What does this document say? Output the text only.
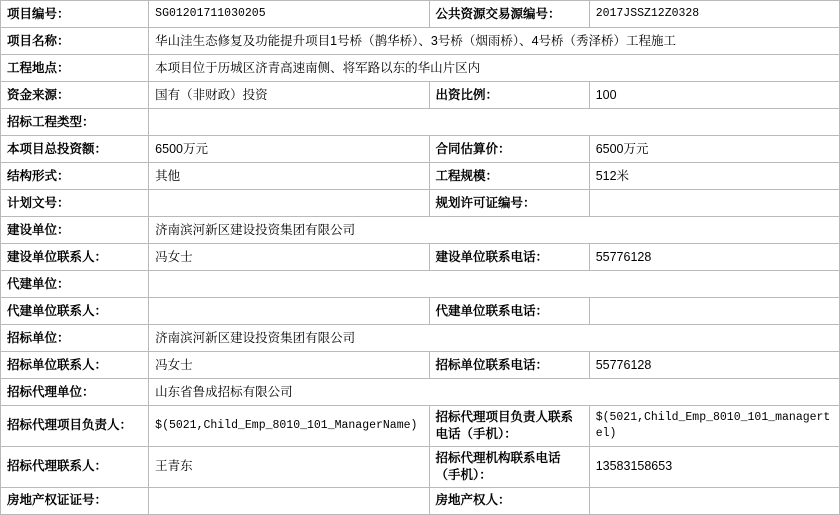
项目编号：	SG01201711030205	公共资源交易源编号：	2017JSSZ12Z0328
项目名称：	华山洼生态修复及功能提升项目1号桥（鹊华桥）、3号桥（烟雨桥）、4号桥（秀泽桥）工程施工		
工程地点：	本项目位于历城区济青高速南侧、将军路以东的华山片区内		
资金来源：	国有（非财政）投资	出资比例：	100
招标工程类型：			
本项目总投资额：	6500万元	合同估算价：	6500万元
结构形式：	其他	工程规模：	512米
计划文号：		规划许可证编号：	
建设单位：	济南滨河新区建设投资集团有限公司		
建设单位联系人：	冯女士	建设单位联系电话：	55776128
代建单位：			
代建单位联系人：		代建单位联系电话：	
招标单位：	济南滨河新区建设投资集团有限公司		
招标单位联系人：	冯女士	招标单位联系电话：	55776128
招标代理单位：	山东省鲁成招标有限公司		
招标代理项目负责人：	$(5021,Child_Emp_8010_101_ManagerName)	招标代理项目负责人联系电话（手机）：	$(5021,Child_Emp_8010_101_managertel)
招标代理联系人：	王青东	招标代理机构联系电话（手机）：	13583158653
房地产权证证号：		房地产权人：	
